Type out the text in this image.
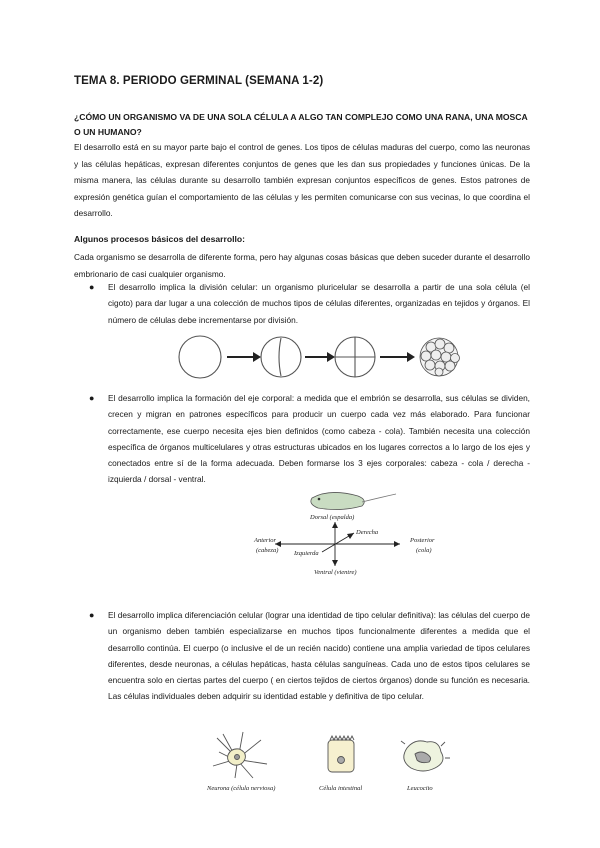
TEMA 8. PERIODO GERMINAL (SEMANA 1-2)
¿CÓMO UN ORGANISMO VA DE UNA SOLA CÉLULA A ALGO TAN COMPLEJO COMO UNA RANA, UNA MOSCA O UN HUMANO?
El desarrollo está en su mayor parte bajo el control de genes. Los tipos de células maduras del cuerpo, como las neuronas y las células hepáticas, expresan diferentes conjuntos de genes que les dan sus propiedades y funciones únicas. De la misma manera, las células durante su desarrollo también expresan conjuntos específicos de genes. Estos patrones de expresión genética guían el comportamiento de las células y les permiten comunicarse con sus vecinas, lo que coordina el desarrollo.
Algunos procesos básicos del desarrollo:
Cada organismo se desarrolla de diferente forma, pero hay algunas cosas básicas que deben suceder durante el desarrollo embrionario de casi cualquier organismo.
● El desarrollo implica la división celular: un organismo pluricelular se desarrolla a partir de una sola célula (el cigoto) para dar lugar a una colección de muchos tipos de células diferentes, organizadas en tejidos y órganos. El número de células debe incrementarse por división.
● El desarrollo implica la formación del eje corporal: a medida que el embrión se desarrolla, sus células se dividen, crecen y migran en patrones específicos para producir un cuerpo cada vez más elaborado. Para funcionar correctamente, ese cuerpo necesita ejes bien definidos (como cabeza - cola). También necesita una colección específica de órganos multicelulares y otras estructuras ubicados en los lugares correctos a lo largo de los ejes y conectados entre sí de la forma adecuada. Deben formarse los 3 ejes corporales: cabeza - cola / derecha - izquierda / dorsal - ventral.
Dorsal (espalda)
Derecha
Anterior
(cabeza)
Posterior
(cola)
Izquierda
Ventral (vientre)
● El desarrollo implica diferenciación celular (lograr una identidad de tipo celular definitiva): las células del cuerpo de un organismo deben también especializarse en muchos tipos funcionalmente diferentes a medida que el desarrollo continúa. El cuerpo (o inclusive el de un recién nacido) contiene una amplia variedad de tipos celulares diferentes, desde neuronas, a células hepáticas, hasta células sanguíneas. Cada uno de estos tipos celulares se encuentra solo en ciertas partes del cuerpo ( en ciertos tejidos de ciertos órganos) donde su función es necesaria. Las células individuales deben adquirir su identidad estable y definitiva de tipo celular.
Neurona (célula nerviosa)	Célula intestinal	Leucocito
